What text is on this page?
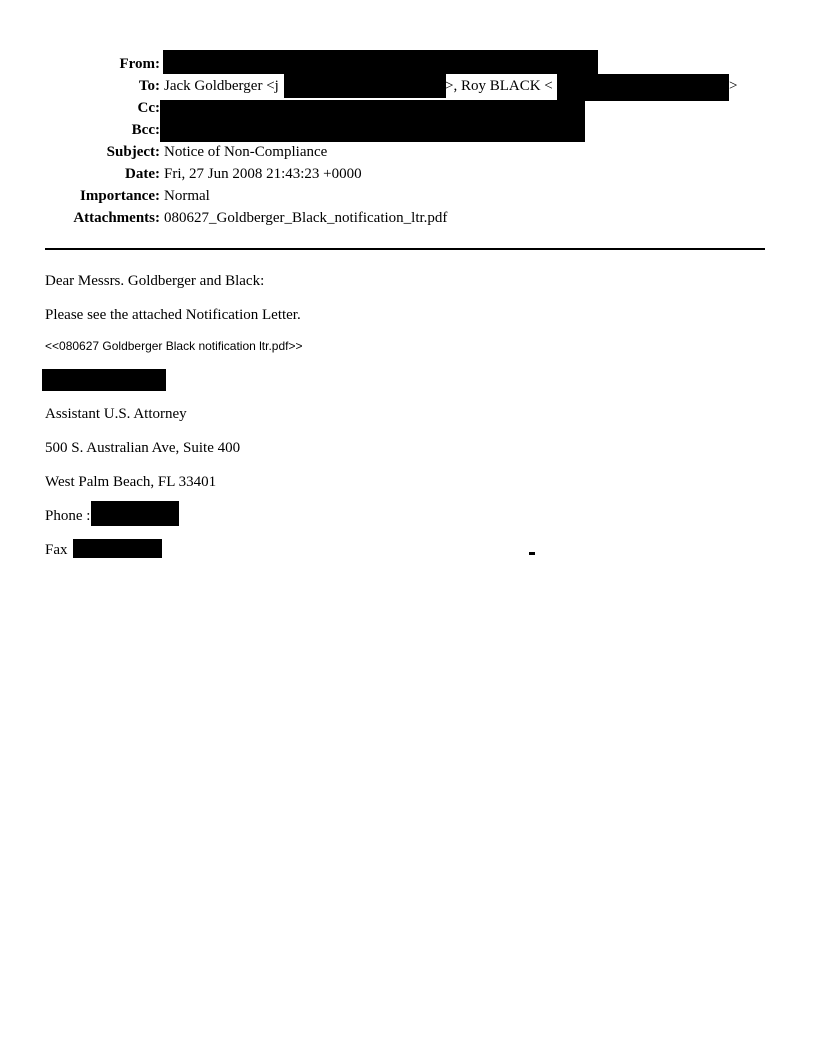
From:
To: Jack Goldberger <j	>, Roy BLACK <	>
Cc:
Bcc:
Subject: Notice of Non-Compliance
Date: Fri, 27 Jun 2008 21:43:23 +0000
Importance: Normal
Attachments: 080627_Goldberger_Black_notification_ltr.pdf

Dear Messrs. Goldberger and Black:

Please see the attached Notification Letter.

<<080627 Goldberger Black notification ltr.pdf>>

Assistant U.S. Attorney

500 S. Australian Ave, Suite 400

West Palm Beach, FL 33401

Phone :

Fax
